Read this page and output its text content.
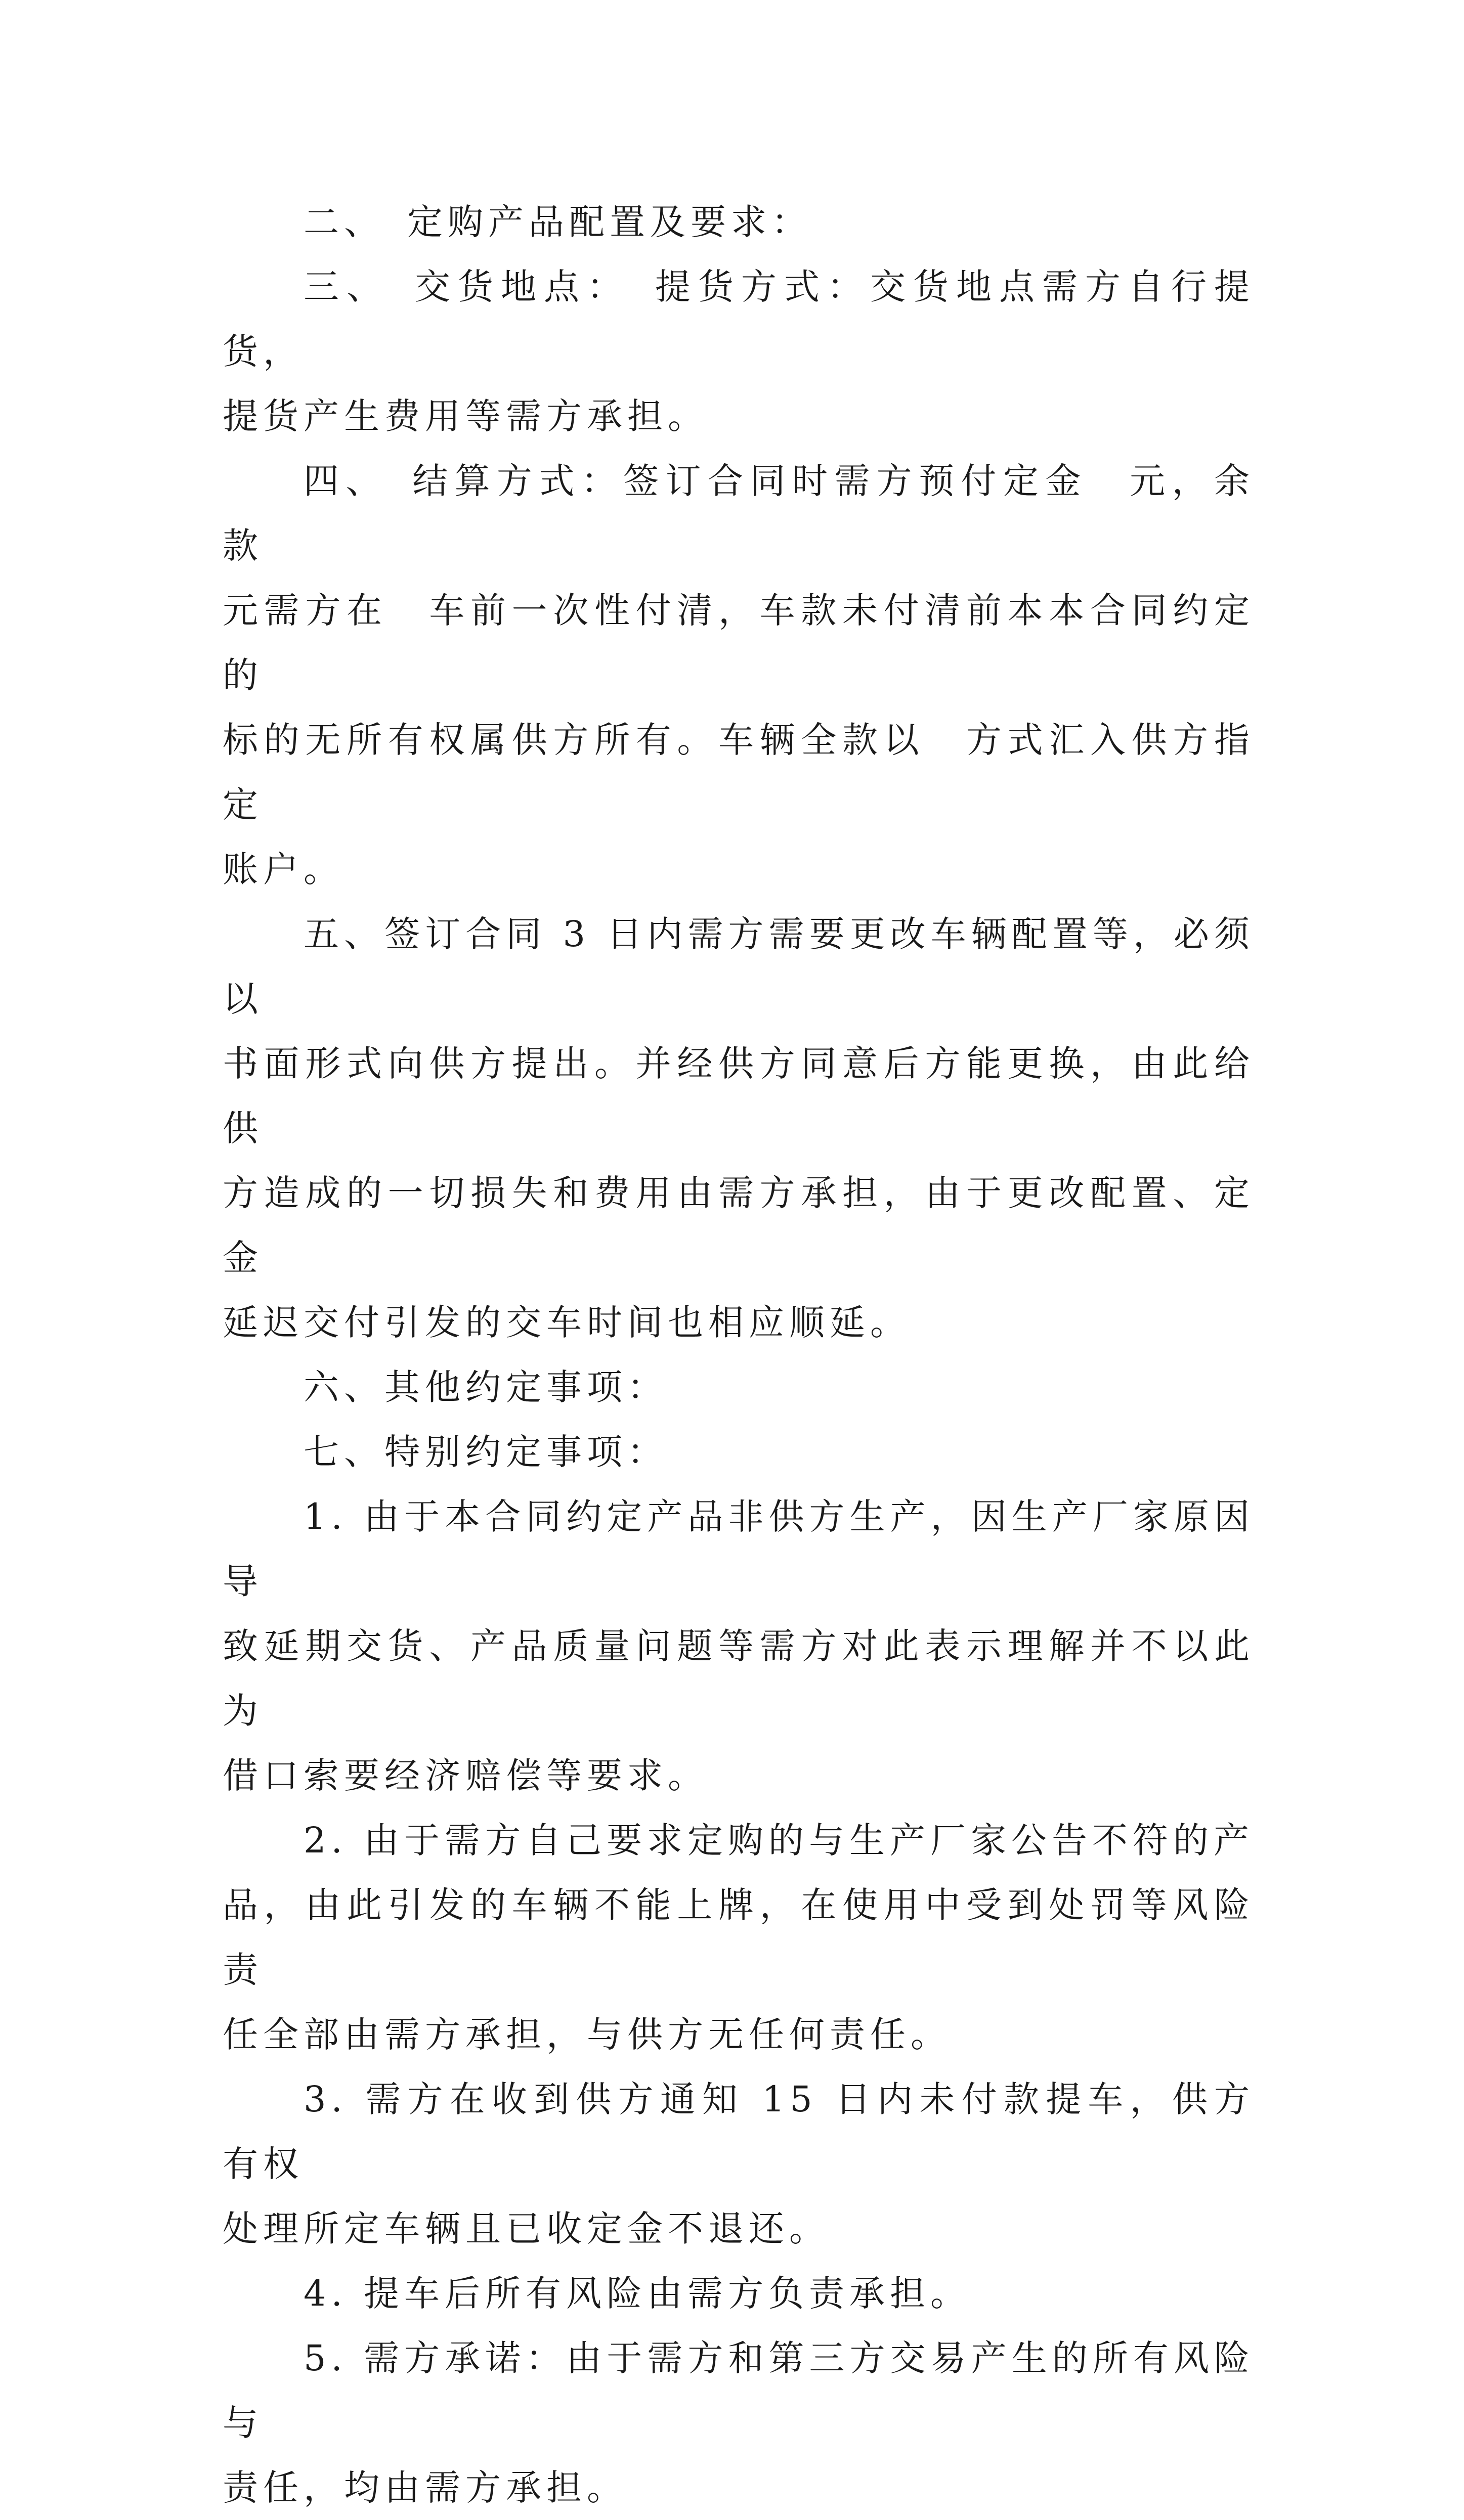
二、　定购产品配置及要求：

三、　交货地点：　提货方式：交货地点需方自行提货，
提货产生费用等需方承担。

四、　结算方式：签订合同时需方预付定金　元，余款
元需方在　车前一次性付清，车款未付清前本本合同约定的
标的无所有权属供方所有。车辆全款以　方式汇入供方指定
账户。

五、签订合同 3 日内需方需要更改车辆配置等，必须以
书面形式向供方提出。并经供方同意后方能更换，由此给供
方造成的一切损失和费用由需方承担，由于更改配置、定金
延迟交付引发的交车时间也相应顺延。

六、其他约定事项：

七、特别约定事项：

1. 由于本合同约定产品非供方生产，因生产厂家原因导
致延期交货、产品质量问题等需方对此表示理解并不以此为
借口索要经济赔偿等要求。

2. 由于需方自己要求定购的与生产厂家公告不符的产
品，由此引发的车辆不能上牌，在使用中受到处罚等风险责
任全部由需方承担，与供方无任何责任。

3. 需方在收到供方通知 15 日内未付款提车，供方有权
处理所定车辆且已收定金不退还。

4. 提车后所有风险由需方负责承担。

5. 需方承诺：由于需方和第三方交易产生的所有风险与
责任，均由需方承担。
